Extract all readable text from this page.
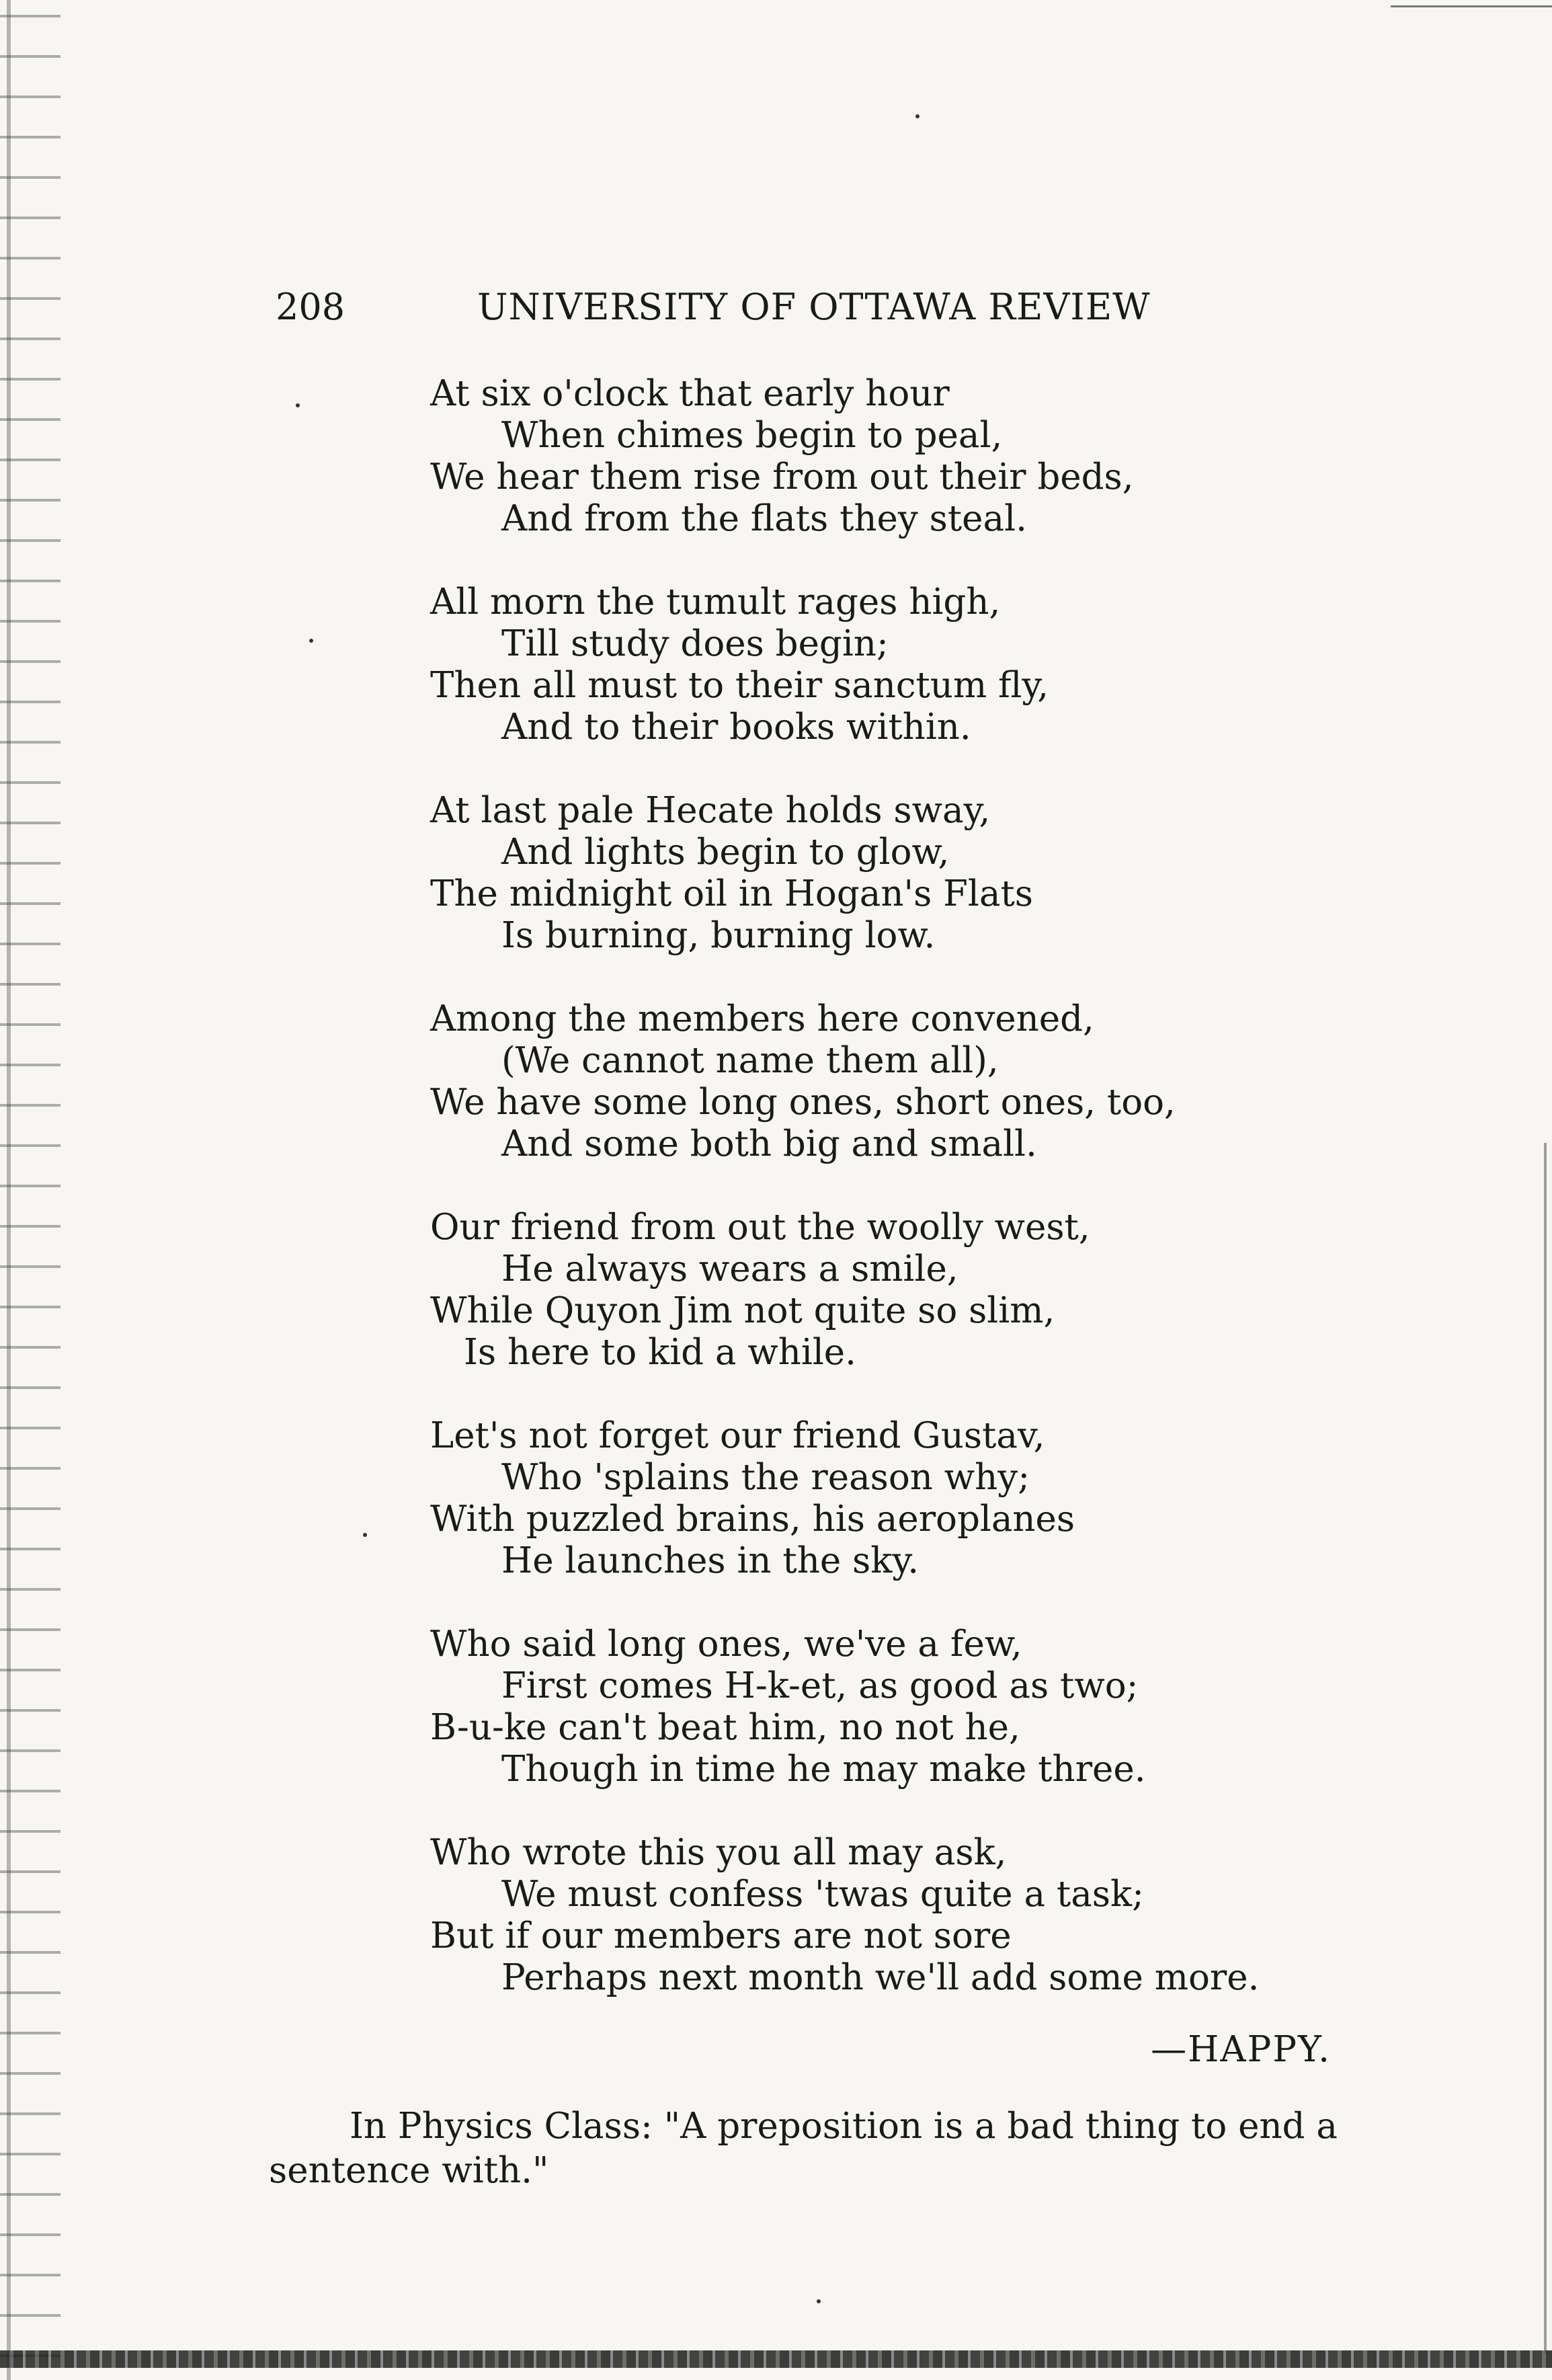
208	UNIVERSITY OF OTTAWA REVIEW
At six o'clock that early hour
When chimes begin to peal,
We hear them rise from out their beds,
And from the flats they steal.
All morn the tumult rages high,
Till study does begin;
Then all must to their sanctum fly,
And to their books within.
At last pale Hecate holds sway,
And lights begin to glow,
The midnight oil in Hogan's Flats
Is burning, burning low.
Among the members here convened,
(We cannot name them all),
We have some long ones, short ones, too,
And some both big and small.
Our friend from out the woolly west,
He always wears a smile,
While Quyon Jim not quite so slim,
Is here to kid a while.
Let's not forget our friend Gustav,
Who 'splains the reason why;
With puzzled brains, his aeroplanes
He launches in the sky.
Who said long ones, we've a few,
First comes H-k-et, as good as two;
B-u-ke can't beat him, no not he,
Though in time he may make three.
Who wrote this you all may ask,
We must confess 'twas quite a task;
But if our members are not sore
Perhaps next month we'll add some more.
—HAPPY.
In Physics Class: "A preposition is a bad thing to end a
sentence with."
